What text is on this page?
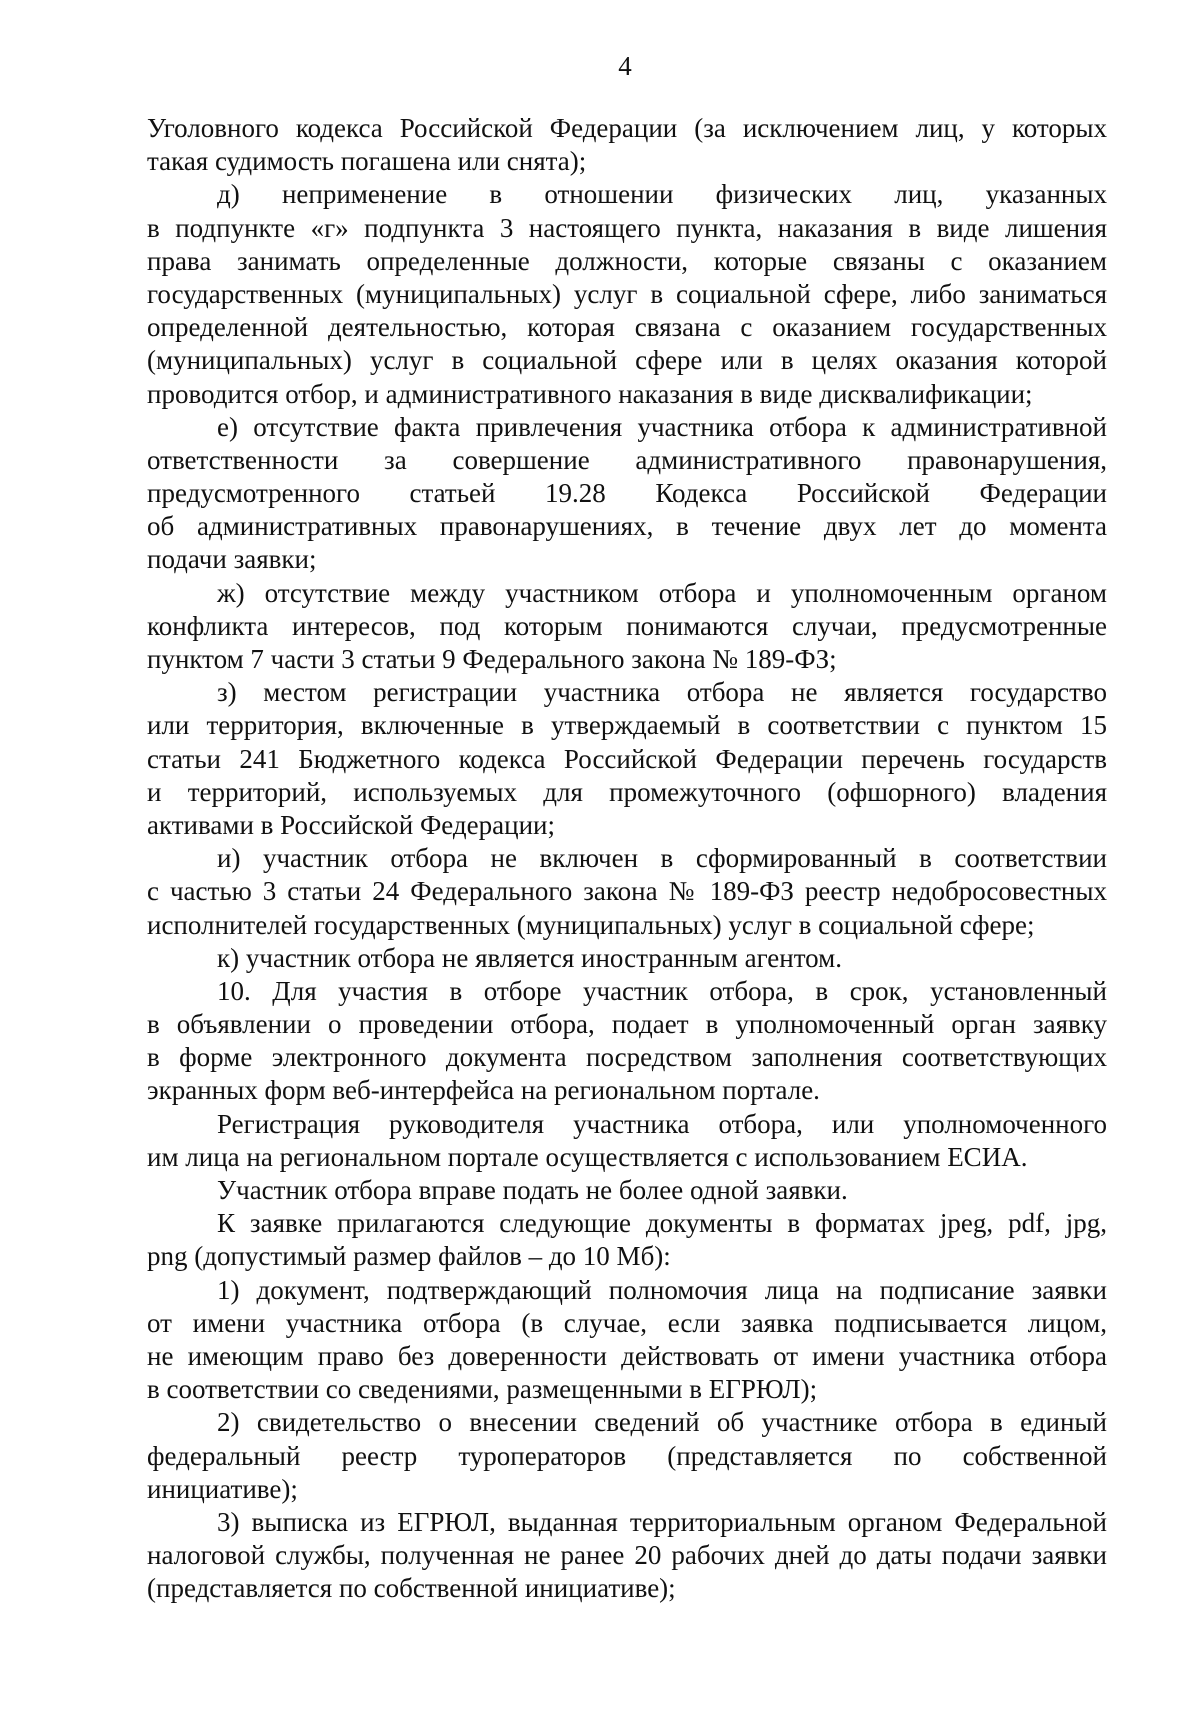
4
Уголовного кодекса Российской Федерации (за исключением лиц, у которых
такая судимость погашена или снята);
д) неприменение в отношении физических лиц, указанных
в подпункте «г» подпункта 3 настоящего пункта, наказания в виде лишения
права занимать определенные должности, которые связаны с оказанием
государственных (муниципальных) услуг в социальной сфере, либо заниматься
определенной деятельностью, которая связана с оказанием государственных
(муниципальных) услуг в социальной сфере или в целях оказания которой
проводится отбор, и административного наказания в виде дисквалификации;
е) отсутствие факта привлечения участника отбора к административной
ответственности за совершение административного правонарушения,
предусмотренного статьей 19.28 Кодекса Российской Федерации
об административных правонарушениях, в течение двух лет до момента
подачи заявки;
ж) отсутствие между участником отбора и уполномоченным органом
конфликта интересов, под которым понимаются случаи, предусмотренные
пунктом 7 части 3 статьи 9 Федерального закона № 189-ФЗ;
з) местом регистрации участника отбора не является государство
или территория, включенные в утверждаемый в соответствии с пунктом 15
статьи 241 Бюджетного кодекса Российской Федерации перечень государств
и территорий, используемых для промежуточного (офшорного) владения
активами в Российской Федерации;
и) участник отбора не включен в сформированный в соответствии
с частью 3 статьи 24 Федерального закона № 189-ФЗ реестр недобросовестных
исполнителей государственных (муниципальных) услуг в социальной сфере;
к) участник отбора не является иностранным агентом.
10. Для участия в отборе участник отбора, в срок, установленный
в объявлении о проведении отбора, подает в уполномоченный орган заявку
в форме электронного документа посредством заполнения соответствующих
экранных форм веб-интерфейса на региональном портале.
Регистрация руководителя участника отбора, или уполномоченного
им лица на региональном портале осуществляется с использованием ЕСИА.
Участник отбора вправе подать не более одной заявки.
К заявке прилагаются следующие документы в форматах jpeg, pdf, jpg,
png (допустимый размер файлов – до 10 Мб):
1) документ, подтверждающий полномочия лица на подписание заявки
от имени участника отбора (в случае, если заявка подписывается лицом,
не имеющим право без доверенности действовать от имени участника отбора
в соответствии со сведениями, размещенными в ЕГРЮЛ);
2) свидетельство о внесении сведений об участнике отбора в единый
федеральный реестр туроператоров (представляется по собственной
инициативе);
3) выписка из ЕГРЮЛ, выданная территориальным органом Федеральной
налоговой службы, полученная не ранее 20 рабочих дней до даты подачи заявки
(представляется по собственной инициативе);
